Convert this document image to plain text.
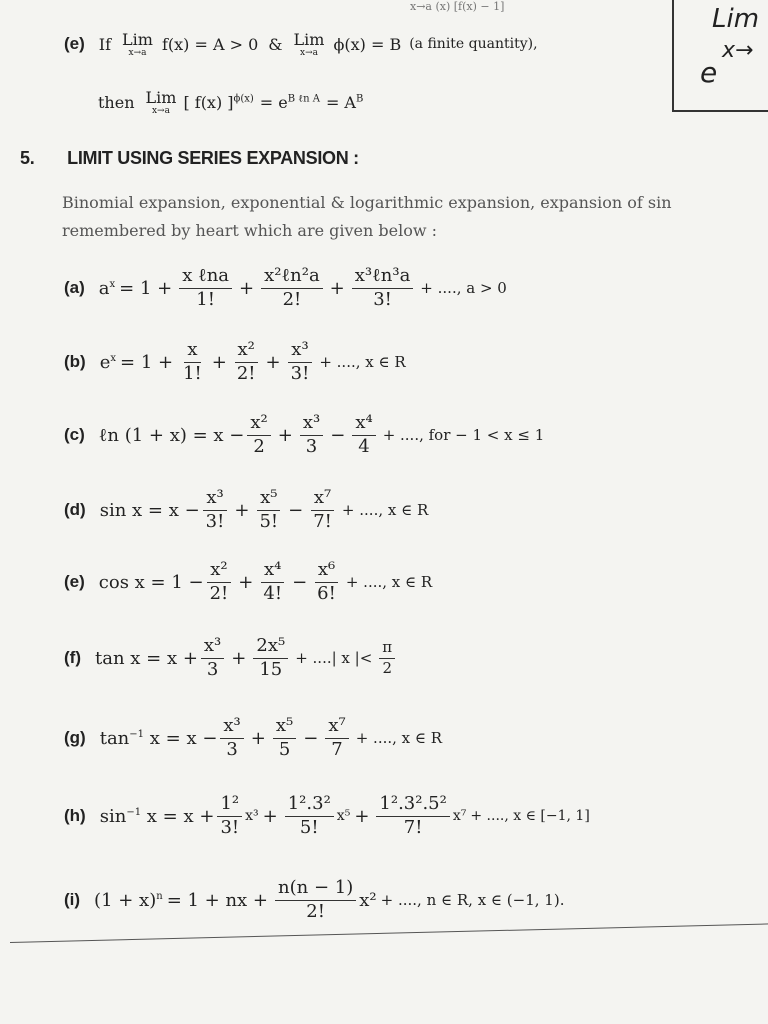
x→a (x) [f(x) − 1]	Lim
x→
e
(e) If Lim
x→a f(x) = A > 0 & Lim
x→a ϕ(x) = B (a finite quantity),
then Lim
x→a [ f(x) ]$^{\phi(x)} = e^{B \ell n A} = A^B$
5. LIMIT USING SERIES EXPANSION :
Binomial expansion, exponential & logarithmic expansion, expansion of sin
remembered by heart which are given below :
(a) $a^x = 1 + \frac{\text{x ℓna}}{1!} + \frac{\text{x²ℓn²a}}{2!} + \frac{\text{x³ℓn³a}}{3!}$ + ...., a > 0
(b) $e^x = 1 + \frac{x}{1!} + \frac{\text{x²}}{2!} + \frac{\text{x³}}{3!}$ + ...., x ∈ R
(c) ℓn $(1 + x) = x - \frac{\text{x²}}{2} + \frac{\text{x³}}{3} - \frac{\text{x⁴}}{4}$ + ...., for − 1 < x ≤ 1
(d) $\sin x = x - \frac{\text{x³}}{3!} + \frac{\text{x⁵}}{5!} - \frac{\text{x⁷}}{7!}$ + ...., x ∈ R
(e) $\cos x = 1 - \frac{\text{x²}}{2!} + \frac{\text{x⁴}}{4!} - \frac{\text{x⁶}}{6!}$ + ...., x ∈ R
(f) $\tan x = x + \frac{\text{x³}}{3} + \frac{\text{2x⁵}}{15}$ + ....| x |< $\frac{\pi}{2}$
(g) $\tan^{-1} x = x - \frac{\text{x³}}{3} + \frac{\text{x⁵}}{5} - \frac{\text{x⁷}}{7}$ + ...., x ∈ R
(h) $\sin^{-1} x = x + \frac{\text{1²}}{3!} x^3 + \frac{\text{1².3²}}{5!} x^5 + \frac{\text{1².3².5²}}{7!} x^7$ + ...., x ∈ [−1, 1]
(i) $(1 + x)^n = 1$ + nx + $\frac{n(n - 1)}{2!} x^2$ + ...., n ∈ R, x ∈ (−1, 1).
